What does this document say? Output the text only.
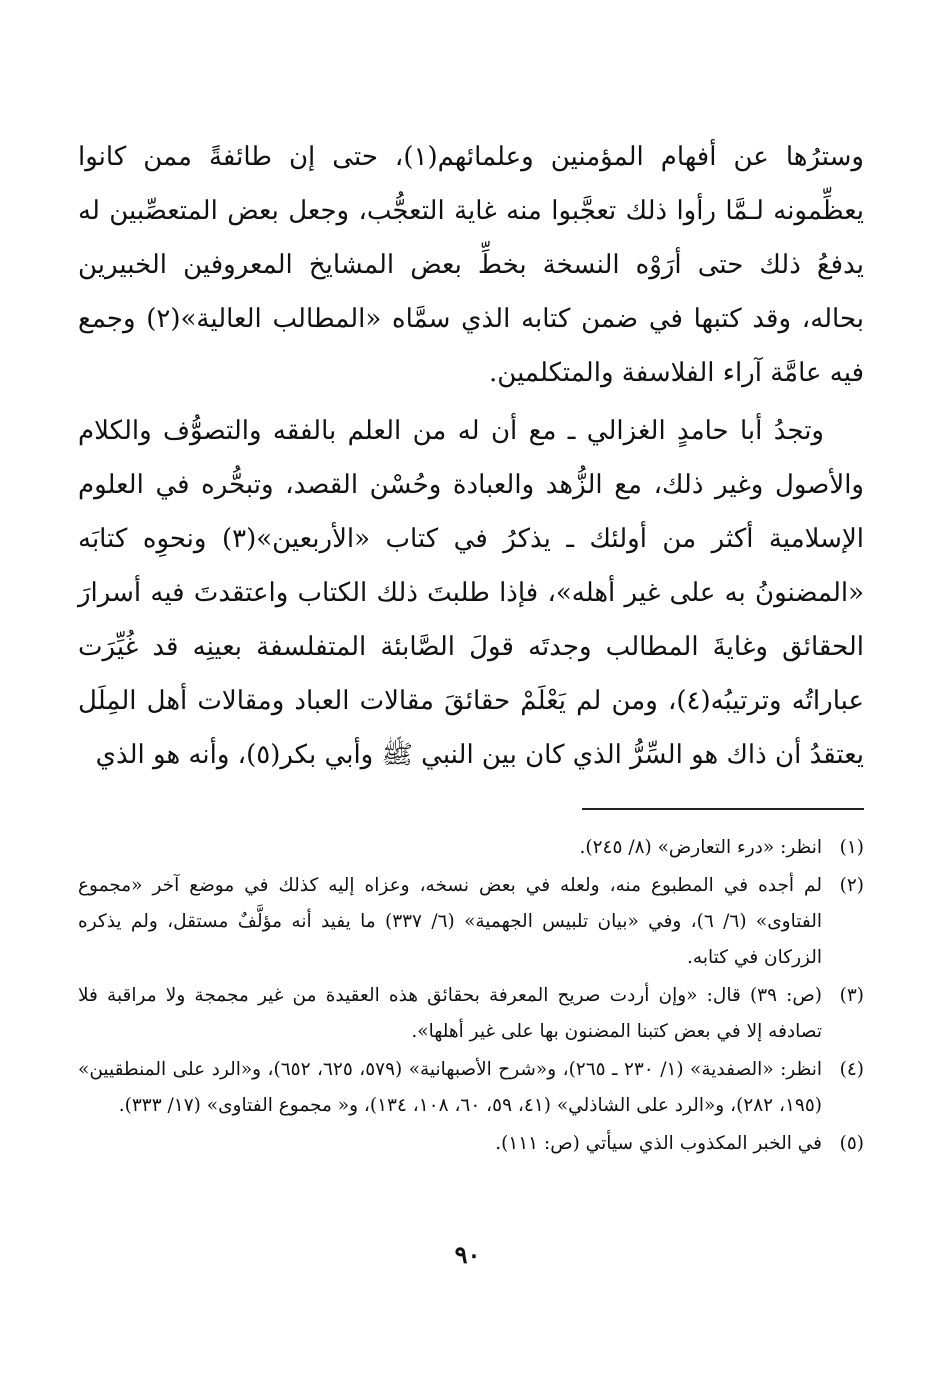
وسترُها عن أفهام المؤمنين وعلمائهم(١)، حتى إن طائفةً ممن كانوا يعظِّمونه لـمَّا رأوا ذلك تعجَّبوا منه غاية التعجُّب، وجعل بعض المتعصِّبين له يدفعُ ذلك حتى أرَوْه النسخة بخطِّ بعض المشايخ المعروفين الخبيرين بحاله، وقد كتبها في ضمن كتابه الذي سمَّاه «المطالب العالية»(٢) وجمع فيه عامَّة آراء الفلاسفة والمتكلمين.

وتجدُ أبا حامدٍ الغزالي ـ مع أن له من العلم بالفقه والتصوُّف والكلام والأصول وغير ذلك، مع الزُّهد والعبادة وحُسْن القصد، وتبحُّره في العلوم الإسلامية أكثر من أولئك ـ يذكرُ في كتاب «الأربعين»(٣) ونحوِه كتابَه «المضنونُ به على غير أهله»، فإذا طلبتَ ذلك الكتاب واعتقدتَ فيه أسرارَ الحقائق وغايةَ المطالب وجدتَه قولَ الصَّابئة المتفلسفة بعينِه قد غُيِّرَت عباراتُه وترتيبُه(٤)، ومن لم يَعْلَمْ حقائقَ مقالات العباد ومقالات أهل المِلَل يعتقدُ أن ذاك هو السِّرُّ الذي كان بين النبي ﷺ وأبي بكر(٥)، وأنه هو الذي

(١)
انظر: «درء التعارض» (٨/ ٢٤٥).
(٢)
لم أجده في المطبوع منه، ولعله في بعض نسخه، وعزاه إليه كذلك في موضع آخر «مجموع الفتاوى» (٦/ ٦)، وفي «بيان تلبيس الجهمية» (٦/ ٣٣٧) ما يفيد أنه مؤلَّفٌ مستقل، ولم يذكره الزركان في كتابه.
(٣)
(ص: ٣٩) قال: «وإن أردت صريح المعرفة بحقائق هذه العقيدة من غير مجمجة ولا مراقبة فلا تصادفه إلا في بعض كتبنا المضنون بها على غير أهلها».
(٤)
انظر: «الصفدية» (١/ ٢٣٠ ـ ٢٦٥)، و«شرح الأصبهانية» (٥٧٩، ٦٢٥، ٦٥٢)، و«الرد على المنطقيين» (١٩٥، ٢٨٢)، و«الرد على الشاذلي» (٤١، ٥٩، ٦٠، ١٠٨، ١٣٤)، و« مجموع الفتاوى» (١٧/ ٣٣٣).
(٥)
في الخبر المكذوب الذي سيأتي (ص: ١١١).
٩٠
